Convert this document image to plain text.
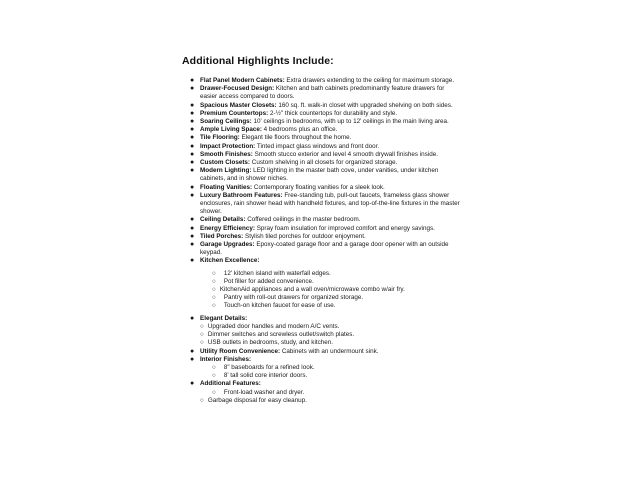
Additional Highlights Include:
● Flat Panel Modern Cabinets: Extra drawers extending to the ceiling for maximum storage.
● Drawer-Focused Design: Kitchen and bath cabinets predominantly feature drawers for easier access compared to doors.
● Spacious Master Closets: 160 sq. ft. walk-in closet with upgraded shelving on both sides.
● Premium Countertops: 2-½" thick countertops for durability and style.
● Soaring Ceilings: 10' ceilings in bedrooms, with up to 12' ceilings in the main living area.
● Ample Living Space: 4 bedrooms plus an office.
● Tile Flooring: Elegant tile floors throughout the home.
● Impact Protection: Tinted impact glass windows and front door.
● Smooth Finishes: Smooth stucco exterior and level 4 smooth drywall finishes inside.
● Custom Closets: Custom shelving in all closets for organized storage.
● Modern Lighting: LED lighting in the master bath cove, under vanities, under kitchen cabinets, and in shower niches.
● Floating Vanities: Contemporary floating vanities for a sleek look.
● Luxury Bathroom Features: Free-standing tub, pull-out faucets, frameless glass shower enclosures, rain shower head with handheld fixtures, and top-of-the-line fixtures in the master shower.
● Ceiling Details: Coffered ceilings in the master bedroom.
● Energy Efficiency: Spray foam insulation for improved comfort and energy savings.
● Tiled Porches: Stylish tiled porches for outdoor enjoyment.
● Garage Upgrades: Epoxy-coated garage floor and a garage door opener with an outside keypad.
● Kitchen Excellence:
○ 12' kitchen island with waterfall edges.
○ Pot filler for added convenience.
○ KitchenAid appliances and a wall oven/microwave combo w/air fry.
○ Pantry with roll-out drawers for organized storage.
○ Touch-on kitchen faucet for ease of use.
● Elegant Details:
○ Upgraded door handles and modern A/C vents.
○ Dimmer switches and screwless outlet/switch plates.
○ USB outlets in bedrooms, study, and kitchen.
● Utility Room Convenience: Cabinets with an undermount sink.
● Interior Finishes:
○ 8" baseboards for a refined look.
○ 8' tall solid core interior doors.
● Additional Features:
○ Front-load washer and dryer.
○ Garbage disposal for easy cleanup.
